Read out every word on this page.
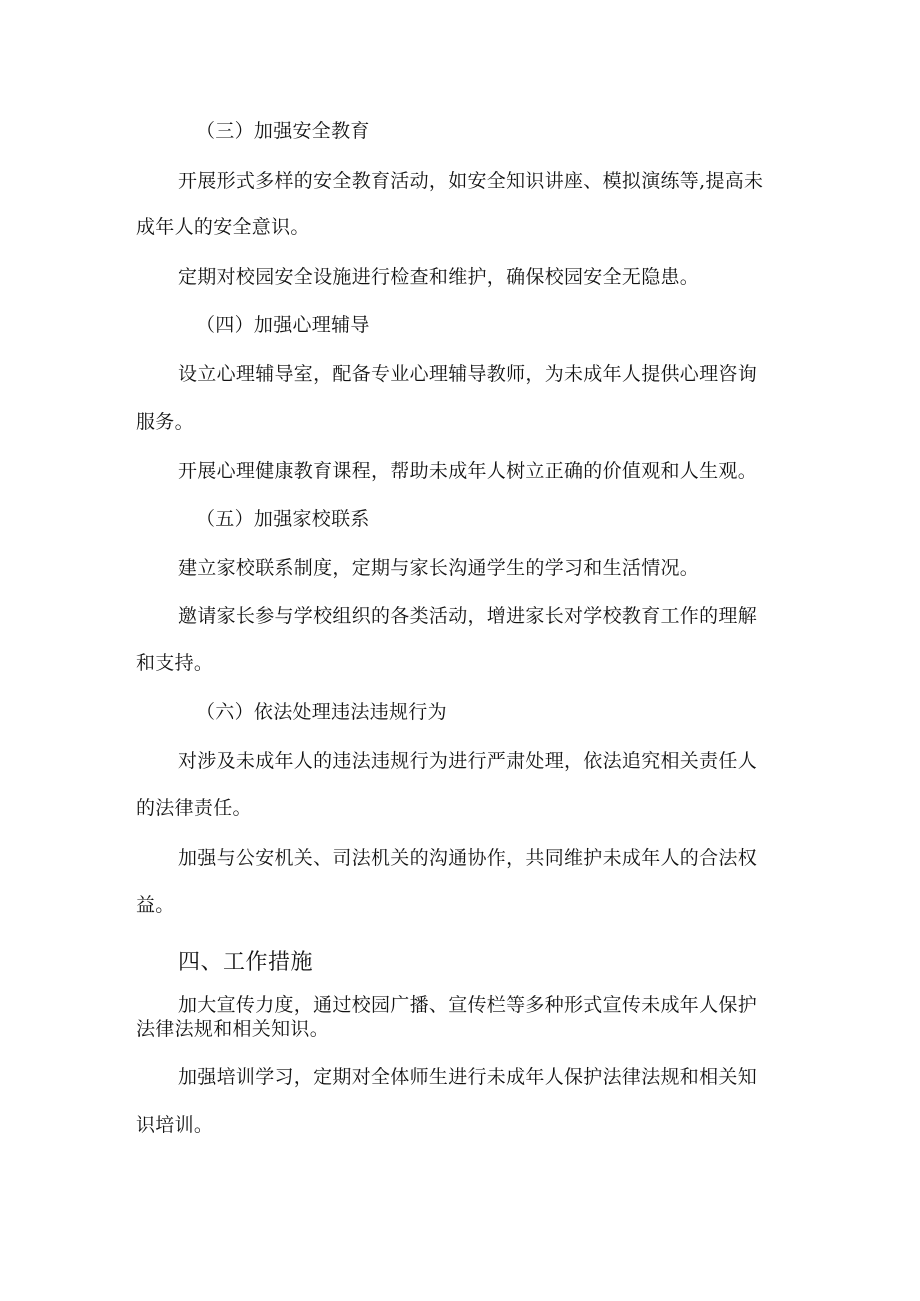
（三）加强安全教育
开展形式多样的安全教育活动，如安全知识讲座、模拟演练等,提高未
成年人的安全意识。
定期对校园安全设施进行检查和维护，确保校园安全无隐患。
（四）加强心理辅导
设立心理辅导室，配备专业心理辅导教师，为未成年人提供心理咨询
服务。
开展心理健康教育课程，帮助未成年人树立正确的价值观和人生观。
（五）加强家校联系
建立家校联系制度，定期与家长沟通学生的学习和生活情况。
邀请家长参与学校组织的各类活动，增进家长对学校教育工作的理解
和支持。
（六）依法处理违法违规行为
对涉及未成年人的违法违规行为进行严肃处理，依法追究相关责任人
的法律责任。
加强与公安机关、司法机关的沟通协作，共同维护未成年人的合法权
益。
四、工作措施
加大宣传力度，通过校园广播、宣传栏等多种形式宣传未成年人保护
法律法规和相关知识。
加强培训学习，定期对全体师生进行未成年人保护法律法规和相关知
识培训。
